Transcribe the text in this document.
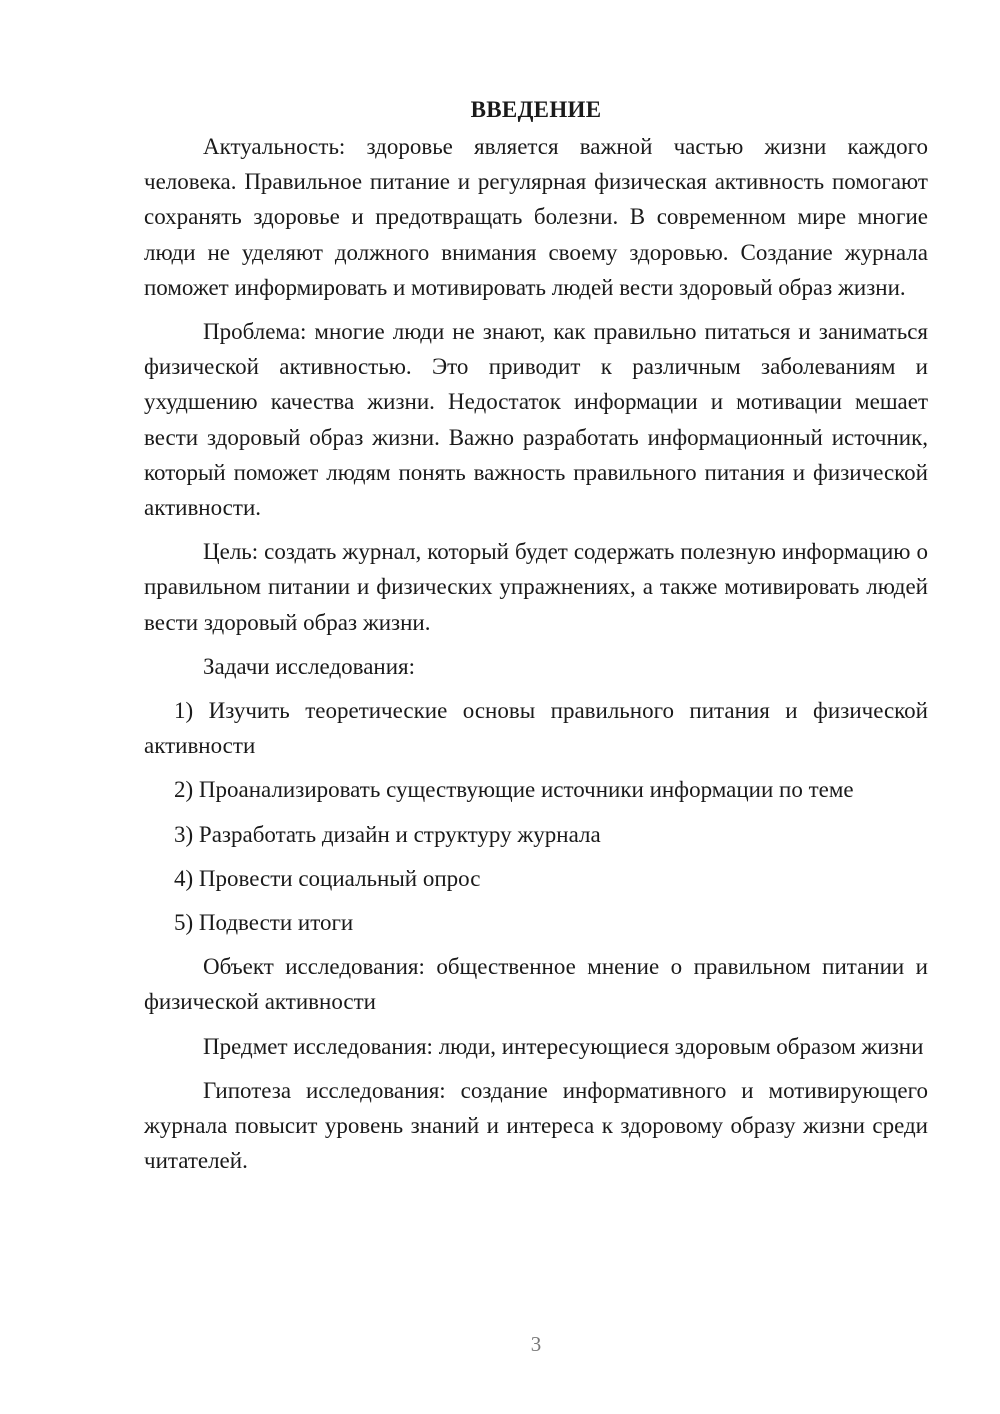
ВВЕДЕНИЕ

Актуальность: здоровье является важной частью жизни каждого человека. Правильное питание и регулярная физическая активность помогают сохранять здоровье и предотвращать болезни. В современном мире многие люди не уделяют должного внимания своему здоровью. Создание журнала поможет информировать и мотивировать людей вести здоровый образ жизни.

Проблема: многие люди не знают, как правильно питаться и заниматься физической активностью. Это приводит к различным заболеваниям и ухудшению качества жизни. Недостаток информации и мотивации мешает вести здоровый образ жизни. Важно разработать информационный источник, который поможет людям понять важность правильного питания и физической активности.

Цель: создать журнал, который будет содержать полезную информацию о правильном питании и физических упражнениях, а также мотивировать людей вести здоровый образ жизни.

Задачи исследования:

1) Изучить теоретические основы правильного питания и физической активности

2) Проанализировать существующие источники информации по теме

3) Разработать дизайн и структуру журнала

4) Провести социальный опрос

5) Подвести итоги

Объект исследования: общественное мнение о правильном питании и физической активности

Предмет исследования: люди, интересующиеся здоровым образом жизни

Гипотеза исследования: создание информативного и мотивирующего журнала повысит уровень знаний и интереса к здоровому образу жизни среди читателей.

3
